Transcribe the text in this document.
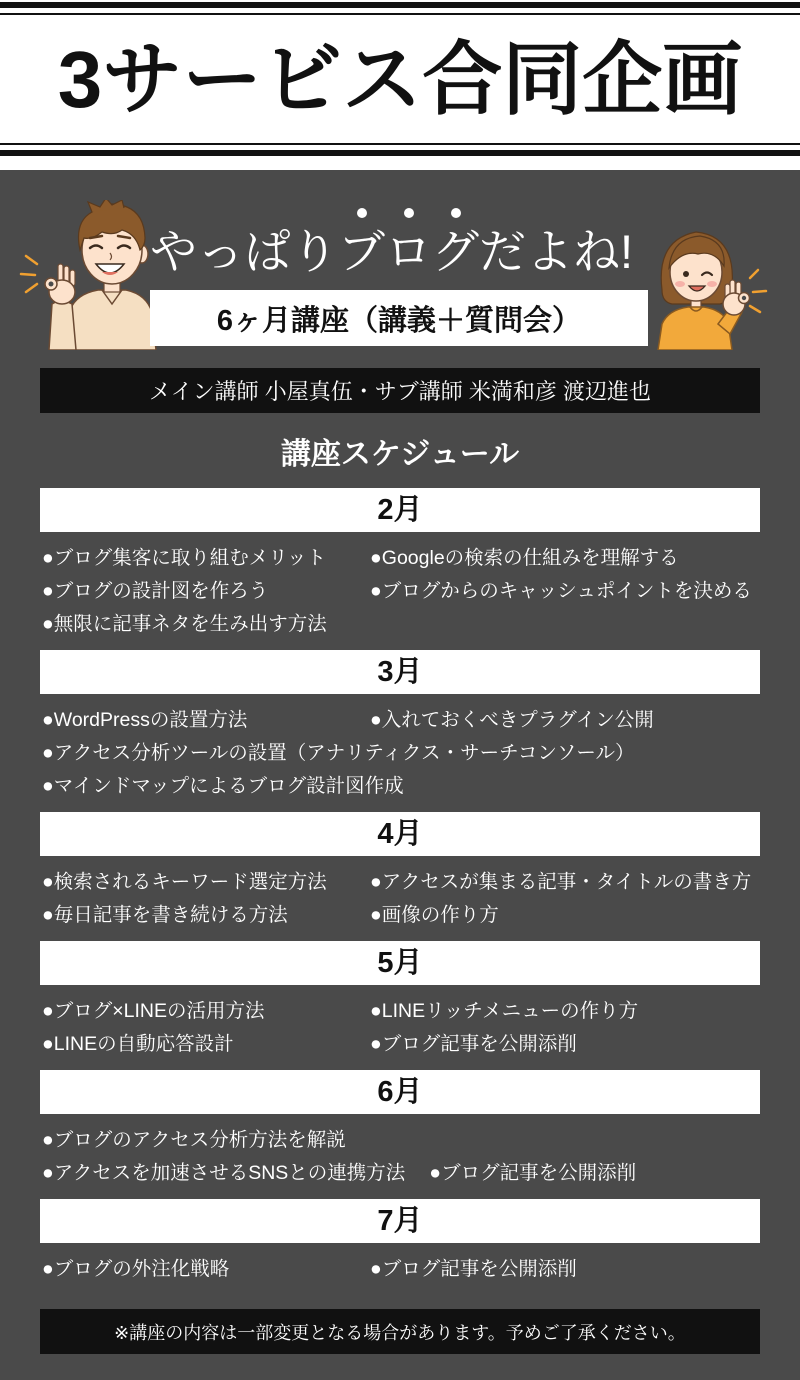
3サービス合同企画
やっぱり
ブログだよね!
6ヶ月講座（講義＋質問会）
メイン講師 小屋真伍・サブ講師 米満和彦 渡辺進也
講座スケジュール
2月
●ブログ集客に取り組むメリット	●Googleの検索の仕組みを理解する
●ブログの設計図を作ろう	●ブログからのキャッシュポイントを決める
●無限に記事ネタを生み出す方法
3月
●WordPressの設置方法	●入れておくべきプラグイン公開
●アクセス分析ツールの設置（アナリティクス・サーチコンソール）
●マインドマップによるブログ設計図作成
4月
●検索されるキーワード選定方法	●アクセスが集まる記事・タイトルの書き方
●毎日記事を書き続ける方法	●画像の作り方
5月
●ブログ×LINEの活用方法	●LINEリッチメニューの作り方
●LINEの自動応答設計	●ブログ記事を公開添削
6月
●ブログのアクセス分析方法を解説
●アクセスを加速させるSNSとの連携方法 ●ブログ記事を公開添削
7月
●ブログの外注化戦略	●ブログ記事を公開添削
※講座の内容は一部変更となる場合があります。予めご了承ください。
